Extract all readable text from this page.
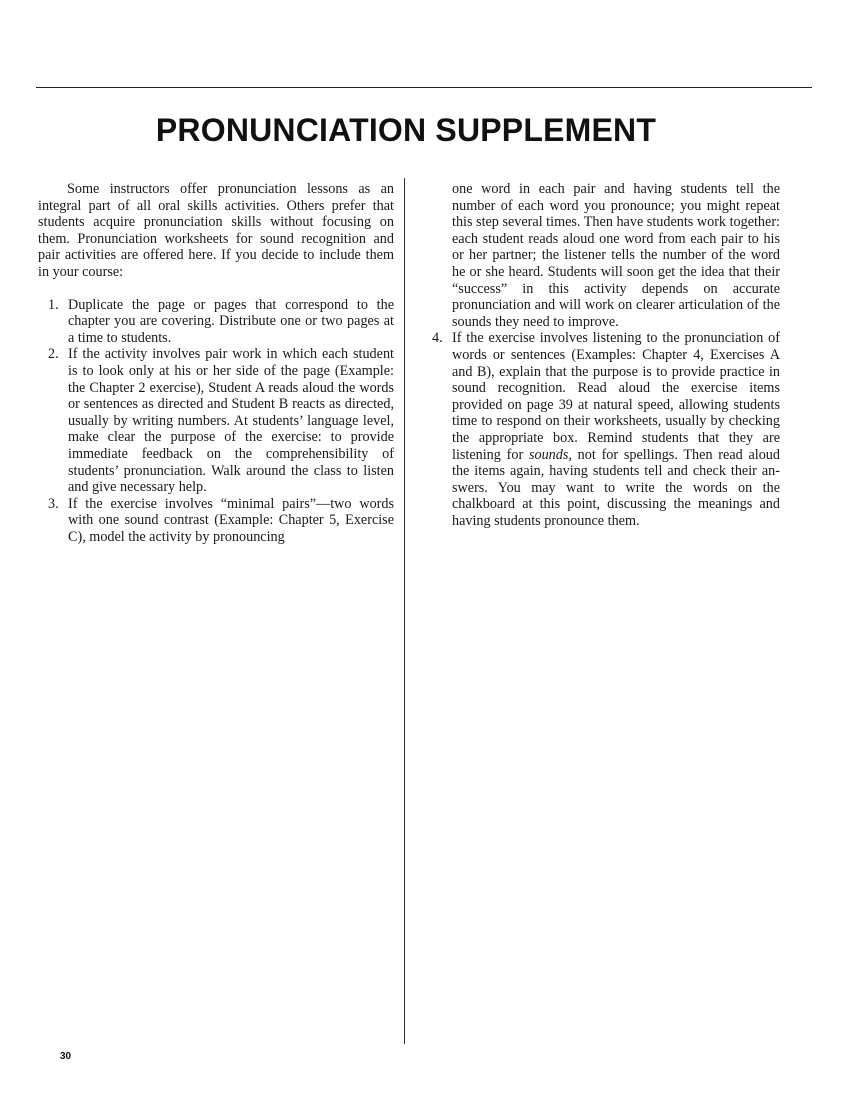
PRONUNCIATION SUPPLEMENT

Some instructors offer pronunciation lessons as an integral part of all oral skills activities. Others prefer that students acquire pronunciation skills without focusing on them. Pronunciation worksheets for sound recognition and pair activities are offered here. If you decide to include them in your course:

1. Duplicate the page or pages that correspond to the chapter you are covering. Distribute one or two pages at a time to students.
2. If the activity involves pair work in which each student is to look only at his or her side of the page (Example: the Chapter 2 exercise), Student A reads aloud the words or sentences as directed and Student B reacts as directed, usually by writing numbers. At students’ language level, make clear the purpose of the exercise: to provide immediate feedback on the comprehensibility of students’ pronunciation. Walk around the class to listen and give necessary help.
3. If the exercise involves “minimal pairs”—two words with one sound contrast (Example: Chapter 5, Exercise C), model the activity by pronouncing

one word in each pair and having students tell the number of each word you pronounce; you might repeat this step several times. Then have students work together: each student reads aloud one word from each pair to his or her partner; the listener tells the number of the word he or she heard. Students will soon get the idea that their “success” in this activity depends on accurate pronunciation and will work on clearer articulation of the sounds they need to improve.

4. If the exercise involves listening to the pronunciation of words or sentences (Examples: Chapter 4, Exercises A and B), explain that the purpose is to provide practice in sound recognition. Read aloud the exercise items provided on page 39 at natural speed, allowing students time to respond on their worksheets, usually by checking the appropriate box. Remind students that they are listening for sounds, not for spellings. Then read aloud the items again, having students tell and check their answers. You may want to write the words on the chalkboard at this point, discussing the meanings and having students pronounce them.
30
